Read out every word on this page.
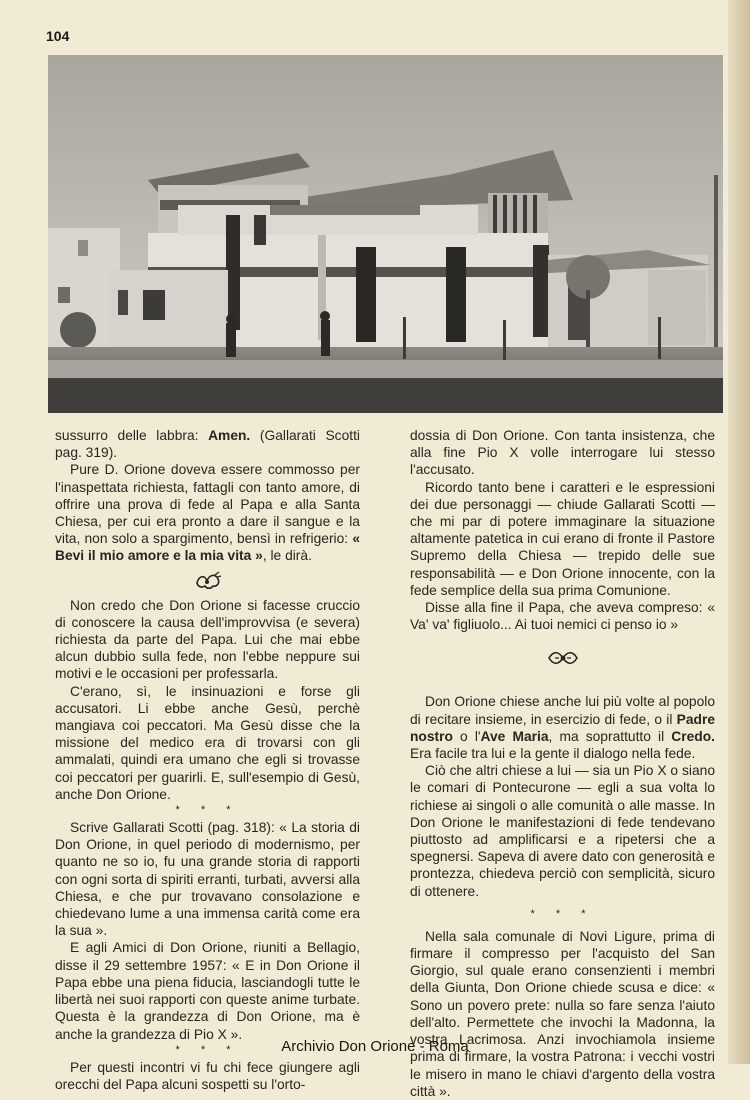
104

sussurro delle labbra: Amen. (Gallarati Scotti pag. 319).

Pure D. Orione doveva essere commosso per l'inaspettata richiesta, fattagli con tanto amore, di offrire una prova di fede al Papa e alla Santa Chiesa, per cui era pronto a dare il sangue e la vita, non solo a spargimento, bensì in refrigerio: « Bevi il mio amore e la mia vita », le dirà.

Non credo che Don Orione si facesse cruccio di conoscere la causa dell'improvvisa (e severa) richiesta da parte del Papa. Lui che mai ebbe alcun dubbio sulla fede, non l'ebbe neppure sui motivi e le occasioni per professarla.

C'erano, sì, le insinuazioni e forse gli accusatori. Li ebbe anche Gesù, perchè mangiava coi peccatori. Ma Gesù disse che la missione del medico era di trovarsi con gli ammalati, quindi era umano che egli si trovasse coi peccatori per guarirli. E, sull'esempio di Gesù, anche Don Orione.

* * *

Scrive Gallarati Scotti (pag. 318): « La storia di Don Orione, in quel periodo di modernismo, per quanto ne so io, fu una grande storia di rapporti con ogni sorta di spiriti erranti, turbati, avversi alla Chiesa, e che pur trovavano consolazione e chiedevano lume a una immensa carità come era la sua ».

E agli Amici di Don Orione, riuniti a Bellagio, disse il 29 settembre 1957: « E in Don Orione il Papa ebbe una piena fiducia, lasciandogli tutte le libertà nei suoi rapporti con queste anime turbate. Questa è la grandezza di Don Orione, ma è anche la grandezza di Pio X ».

* * *

Per questi incontri vi fu chi fece giungere agli orecchi del Papa alcuni sospetti su l'orto-

dossia di Don Orione. Con tanta insistenza, che alla fine Pio X volle interrogare lui stesso l'accusato.

Ricordo tanto bene i caratteri e le espressioni dei due personaggi — chiude Gallarati Scotti — che mi par di potere immaginare la situazione altamente patetica in cui erano di fronte il Pastore Supremo della Chiesa — trepido delle sue responsabilità — e Don Orione innocente, con la fede semplice della sua prima Comunione.

Disse alla fine il Papa, che aveva compreso: « Va' va' figliuolo... Ai tuoi nemici ci penso io »

Don Orione chiese anche lui più volte al popolo di recitare insieme, in esercizio di fede, o il Padre nostro o l'Ave Maria, ma soprattutto il Credo. Era facile tra lui e la gente il dialogo nella fede.

Ciò che altri chiese a lui — sia un Pio X o siano le comari di Pontecurone — egli a sua volta lo richiese ai singoli o alle comunità o alle masse. In Don Orione le manifestazioni di fede tendevano piuttosto ad amplificarsi e a ripetersi che a spegnersi. Sapeva di avere dato con generosità e prontezza, chiedeva perciò con semplicità, sicuro di ottenere.

* * *

Nella sala comunale di Novi Ligure, prima di firmare il compresso per l'acquisto del San Giorgio, sul quale erano consenzienti i membri della Giunta, Don Orione chiede scusa e dice: « Sono un povero prete: nulla so fare senza l'aiuto dell'alto. Permettete che invochi la Madonna, la vostra Lacrimosa. Anzi invochiamola insieme prima di firmare, la vostra Patrona: i vecchi vostri le misero in mano le chiavi d'argento della vostra città ».

Archivio Don Orione - Roma
